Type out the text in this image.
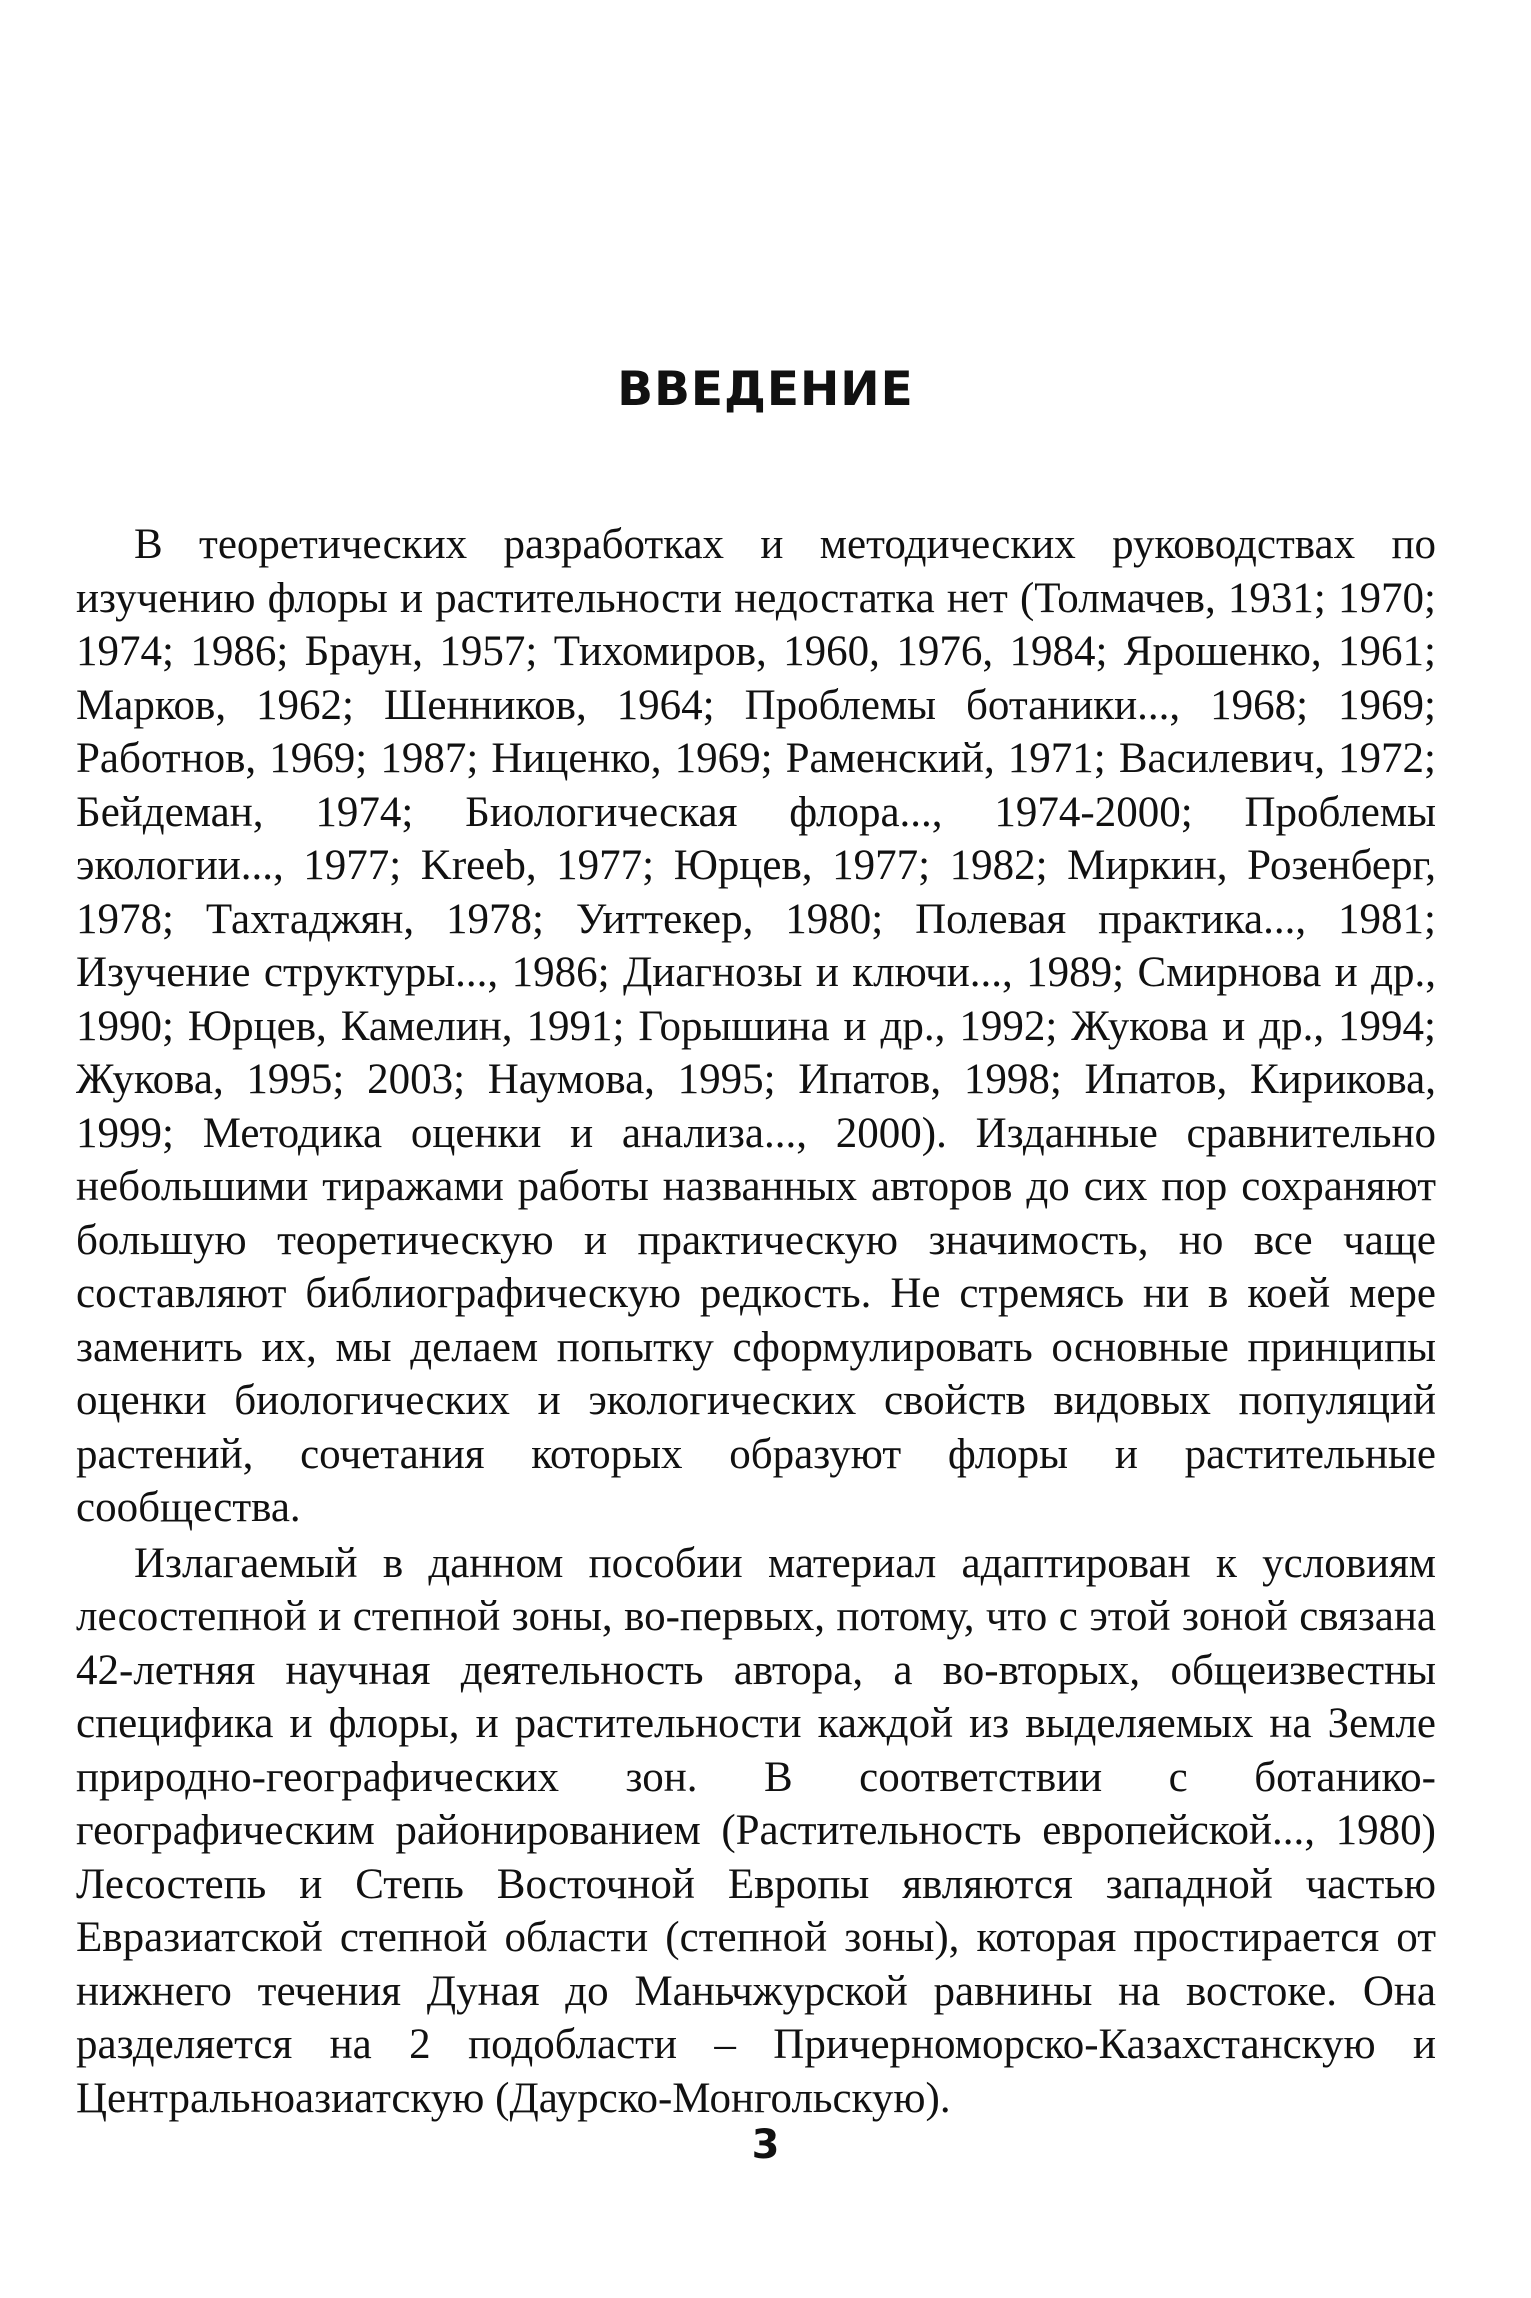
ВВЕДЕНИЕ

В теоретических разработках и методических руководствах по изучению флоры и растительности недостатка нет (Толмачев, 1931; 1970; 1974; 1986; Браун, 1957; Тихомиров, 1960, 1976, 1984; Ярошенко, 1961; Марков, 1962; Шенников, 1964; Проблемы ботаники..., 1968; 1969; Работнов, 1969; 1987; Ниценко, 1969; Раменский, 1971; Василевич, 1972; Бейдеман, 1974; Биологическая флора..., 1974-2000; Проблемы экологии..., 1977; Kreeb, 1977; Юрцев, 1977; 1982; Миркин, Розенберг, 1978; Тахтаджян, 1978; Уиттекер, 1980; Полевая практика..., 1981; Изучение структуры..., 1986; Диагнозы и ключи..., 1989; Смирнова и др., 1990; Юрцев, Камелин, 1991; Горышина и др., 1992; Жукова и др., 1994; Жукова, 1995; 2003; Наумова, 1995; Ипатов, 1998; Ипатов, Кирикова, 1999; Методика оценки и анализа..., 2000). Изданные сравнительно небольшими тиражами работы названных авторов до сих пор сохраняют большую теоретическую и практическую значимость, но все чаще составляют библиографическую редкость. Не стремясь ни в коей мере заменить их, мы делаем попытку сформулировать основные принципы оценки биологических и экологических свойств видовых популяций растений, сочетания которых образуют флоры и растительные сообщества.

Излагаемый в данном пособии материал адаптирован к условиям лесостепной и степной зоны, во-первых, потому, что с этой зоной связана 42-летняя научная деятельность автора, а во-вторых, общеизвестны специфика и флоры, и растительности каждой из выделяемых на Земле природно-географических зон. В соответствии с ботанико-географическим районированием (Растительность европейской..., 1980) Лесостепь и Степь Восточной Европы являются западной частью Евразиатской степной области (степной зоны), которая простирается от нижнего течения Дуная до Маньчжурской равнины на востоке. Она разделяется на 2 подобласти – Причерноморско-Казахстанскую и Центральноазиатскую (Даурско-Монгольскую).

3
